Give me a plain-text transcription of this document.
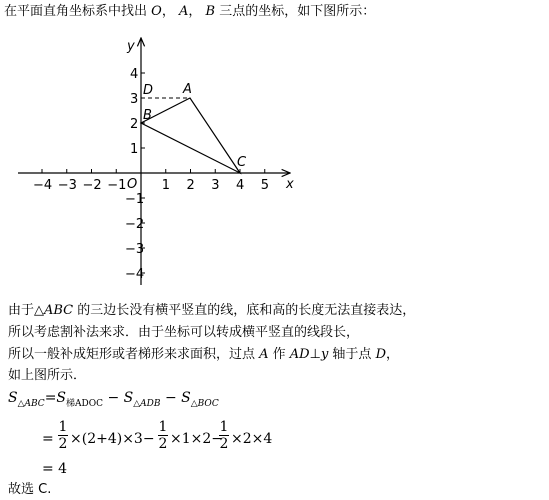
在平面直角坐标系中找出 O， A， B 三点的坐标，如下图所示：
−4 −3 −2 −1	1 2 3 4 5
4
3
2
1
−1
−2
−3
−4
x
y
O
A
B
C
D
由于△ABC 的三边长没有横平竖直的线，底和高的长度无法直接表达，
所以考虑割补法来求．由于坐标可以转成横平竖直的线段长，
所以一般补成矩形或者梯形来求面积，过点 A 作 AD⊥y 轴于点 D，
如上图所示．
$S_{\triangle ABC}=S_{梯ADOC} - S_{\triangle ADB} - S_{\triangle BOC}$
=
1
2 ×(2+4)×3−
1
2 ×1×2−
1
2 ×2×4
= 4
故选 C.
